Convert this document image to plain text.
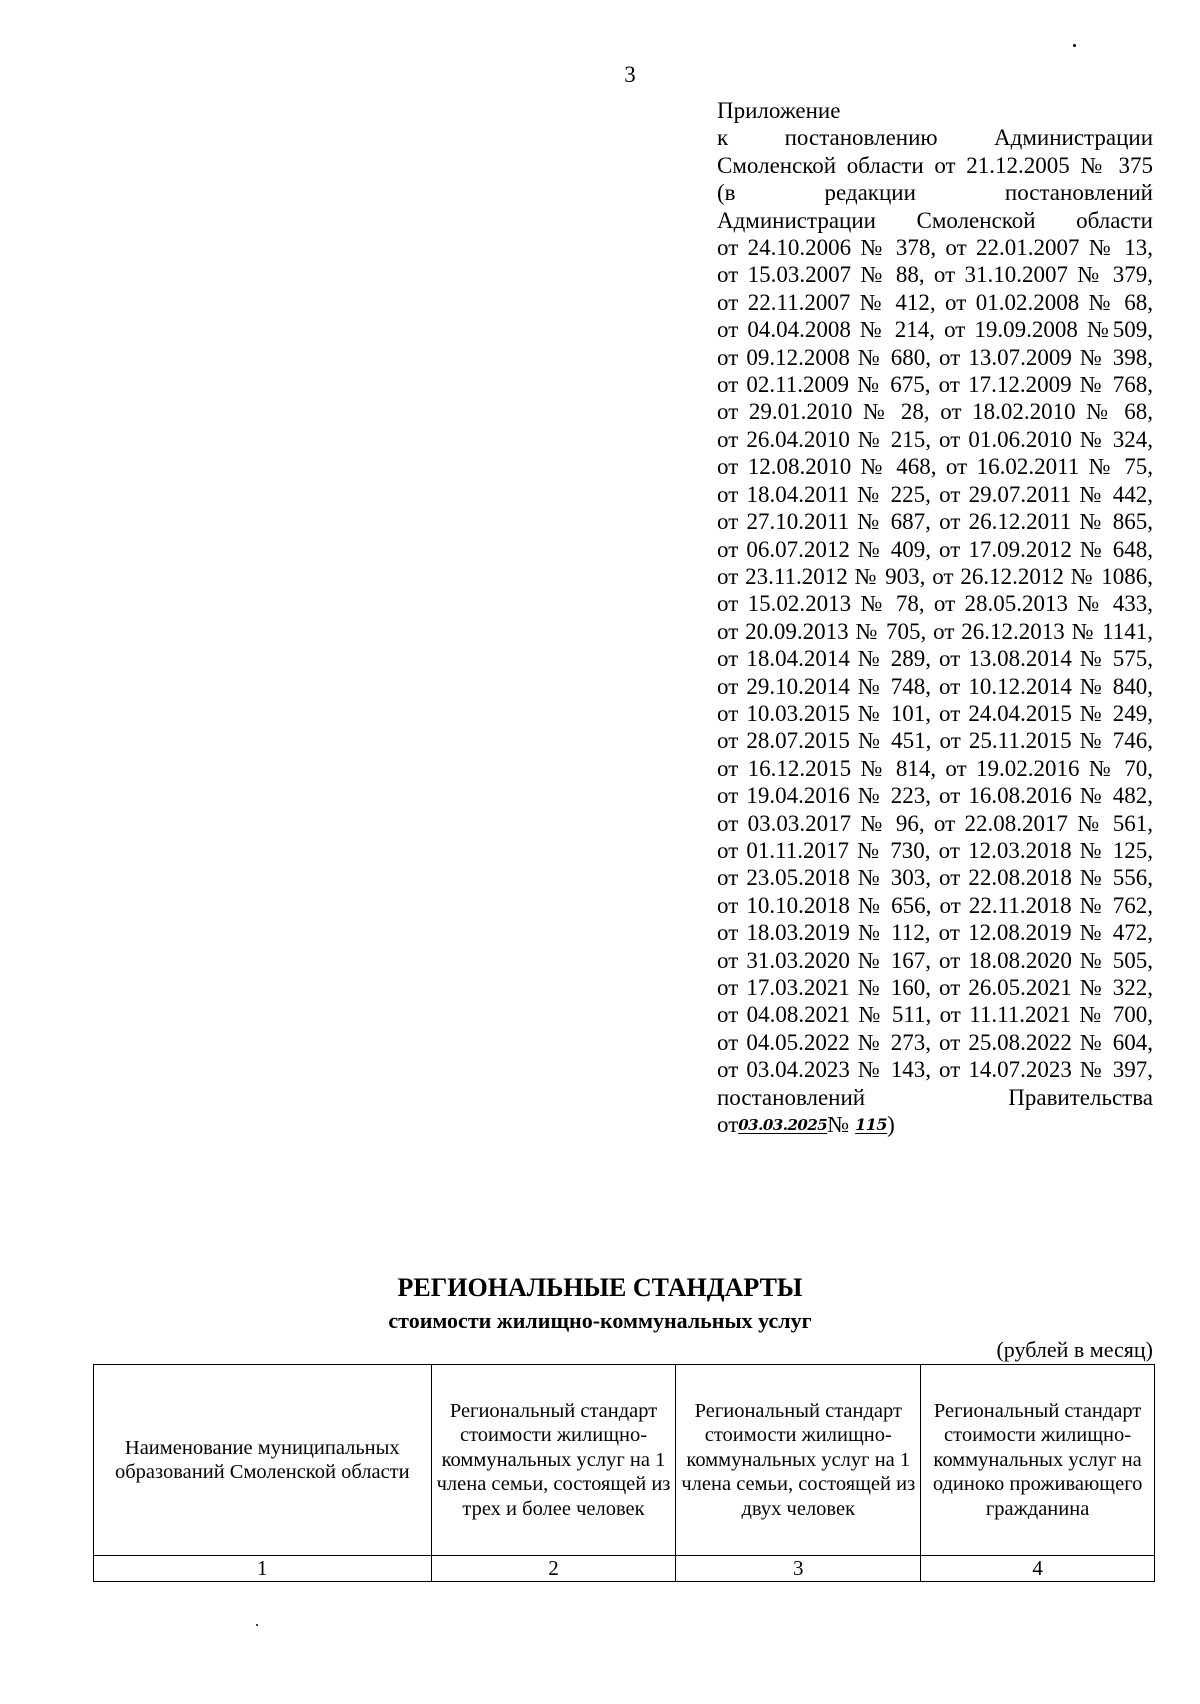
3
Приложение
к постановлению Администрации
Смоленской области от 21.12.2005 № 375
(в редакции постановлений
Администрации Смоленской области
от 24.10.2006 № 378, от 22.01.2007 № 13,
от 15.03.2007 № 88, от 31.10.2007 № 379,
от 22.11.2007 № 412, от 01.02.2008 № 68,
от 04.04.2008 № 214, от 19.09.2008 №509,
от 09.12.2008 № 680, от 13.07.2009 № 398,
от 02.11.2009 № 675, от 17.12.2009 № 768,
от 29.01.2010 № 28, от 18.02.2010 № 68,
от 26.04.2010 № 215, от 01.06.2010 № 324,
от 12.08.2010 № 468, от 16.02.2011 № 75,
от 18.04.2011 № 225, от 29.07.2011 № 442,
от 27.10.2011 № 687, от 26.12.2011 № 865,
от 06.07.2012 № 409, от 17.09.2012 № 648,
от 23.11.2012 № 903, от 26.12.2012 № 1086,
от 15.02.2013 № 78, от 28.05.2013 № 433,
от 20.09.2013 № 705, от 26.12.2013 № 1141,
от 18.04.2014 № 289, от 13.08.2014 № 575,
от 29.10.2014 № 748, от 10.12.2014 № 840,
от 10.03.2015 № 101, от 24.04.2015 № 249,
от 28.07.2015 № 451, от 25.11.2015 № 746,
от 16.12.2015 № 814, от 19.02.2016 № 70,
от 19.04.2016 № 223, от 16.08.2016 № 482,
от 03.03.2017 № 96, от 22.08.2017 № 561,
от 01.11.2017 № 730, от 12.03.2018 № 125,
от 23.05.2018 № 303, от 22.08.2018 № 556,
от 10.10.2018 № 656, от 22.11.2018 № 762,
от 18.03.2019 № 112, от 12.08.2019 № 472,
от 31.03.2020 № 167, от 18.08.2020 № 505,
от 17.03.2021 № 160, от 26.05.2021 № 322,
от 04.08.2021 № 511, от 11.11.2021 № 700,
от 04.05.2022 № 273, от 25.08.2022 № 604,
от 03.04.2023 № 143, от 14.07.2023 № 397,
постановлений Правительства
от03.03.2025№ 115)
РЕГИОНАЛЬНЫЕ СТАНДАРТЫ
стоимости жилищно-коммунальных услуг
(рублей в месяц)
Наименование муниципальных образований Смоленской области	Региональный стандарт стоимости жилищно-коммунальных услуг на 1 члена семьи, состоящей из трех и более человек	Региональный стандарт стоимости жилищно-коммунальных услуг на 1 члена семьи, состоящей из двух человек	Региональный стандарт стоимости жилищно-коммунальных услуг на одиноко проживающего гражданина
1	2	3	4
